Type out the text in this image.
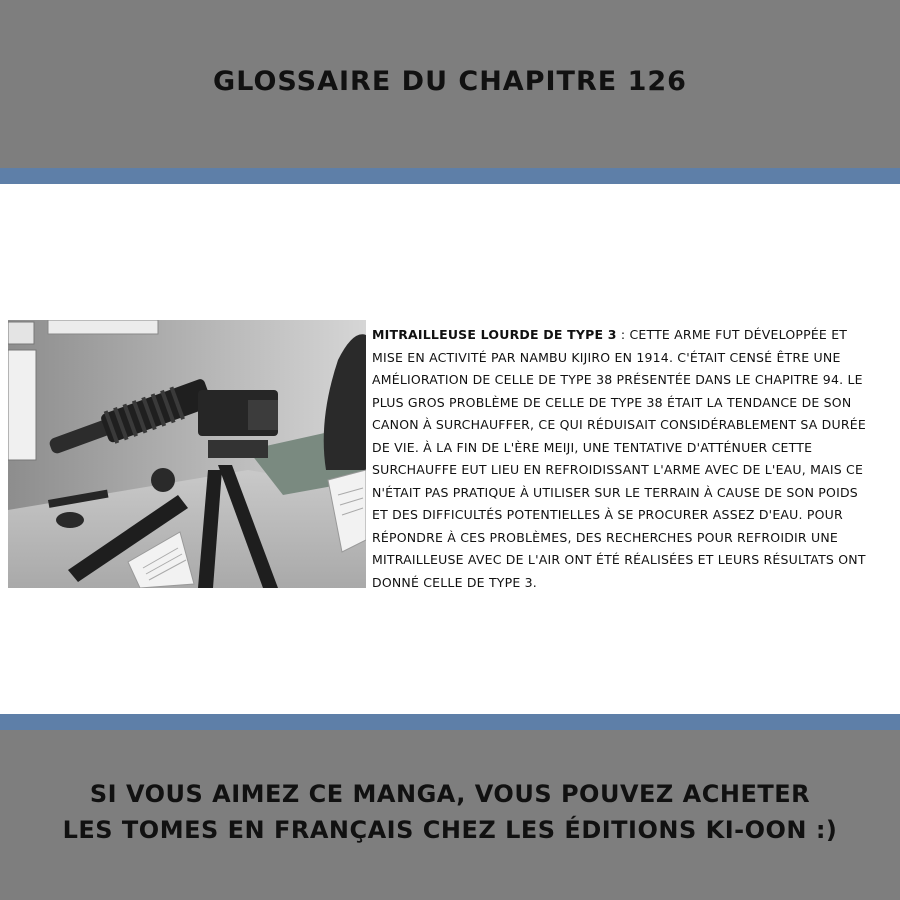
GLOSSAIRE DU CHAPITRE 126
MITRAILLEUSE LOURDE DE TYPE 3 : CETTE ARME FUT DÉVELOPPÉE ET MISE EN ACTIVITÉ PAR NAMBU KIJIRO EN 1914. C'ÉTAIT CENSÉ ÊTRE UNE AMÉLIORATION DE CELLE DE TYPE 38 PRÉSENTÉE DANS LE CHAPITRE 94. LE PLUS GROS PROBLÈME DE CELLE DE TYPE 38 ÉTAIT LA TENDANCE DE SON CANON À SURCHAUFFER, CE QUI RÉDUISAIT CONSIDÉRABLEMENT SA DURÉE DE VIE. À LA FIN DE L'ÈRE MEIJI, UNE TENTATIVE D'ATTÉNUER CETTE SURCHAUFFE EUT LIEU EN REFROIDISSANT L'ARME AVEC DE L'EAU, MAIS CE N'ÉTAIT PAS PRATIQUE À UTILISER SUR LE TERRAIN À CAUSE DE SON POIDS ET DES DIFFICULTÉS POTENTIELLES À SE PROCURER ASSEZ D'EAU. POUR RÉPONDRE À CES PROBLÈMES, DES RECHERCHES POUR REFROIDIR UNE MITRAILLEUSE AVEC DE L'AIR ONT ÉTÉ RÉALISÉES ET LEURS RÉSULTATS ONT DONNÉ CELLE DE TYPE 3.
SI VOUS AIMEZ CE MANGA, VOUS POUVEZ ACHETER
LES TOMES EN FRANÇAIS CHEZ LES ÉDITIONS KI-OON :)
